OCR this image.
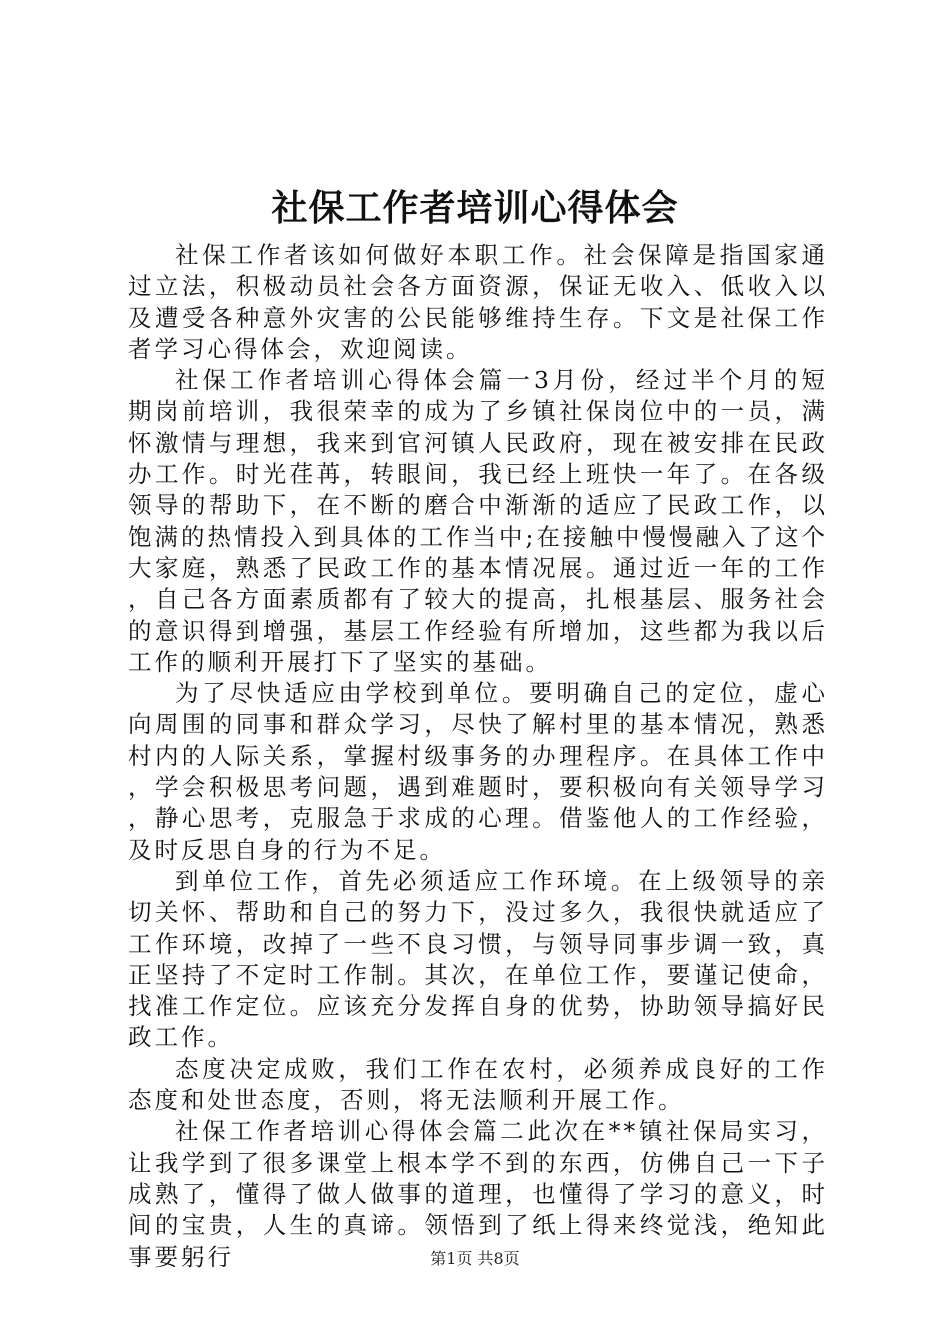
社保工作者培训心得体会

社保工作者该如何做好本职工作。社会保障是指国家通过立法，积极动员社会各方面资源，保证无收入、低收入以及遭受各种意外灾害的公民能够维持生存。下文是社保工作者学习心得体会，欢迎阅读。

社保工作者培训心得体会篇一3月份，经过半个月的短期岗前培训，我很荣幸的成为了乡镇社保岗位中的一员，满怀激情与理想，我来到官河镇人民政府，现在被安排在民政办工作。时光荏苒，转眼间，我已经上班快一年了。在各级领导的帮助下，在不断的磨合中渐渐的适应了民政工作，以饱满的热情投入到具体的工作当中;在接触中慢慢融入了这个大家庭，熟悉了民政工作的基本情况展。通过近一年的工作，自己各方面素质都有了较大的提高，扎根基层、服务社会的意识得到增强，基层工作经验有所增加，这些都为我以后工作的顺利开展打下了坚实的基础。

为了尽快适应由学校到单位。要明确自己的定位，虚心向周围的同事和群众学习，尽快了解村里的基本情况，熟悉村内的人际关系，掌握村级事务的办理程序。在具体工作中，学会积极思考问题，遇到难题时，要积极向有关领导学习，静心思考，克服急于求成的心理。借鉴他人的工作经验，及时反思自身的行为不足。

到单位工作，首先必须适应工作环境。在上级领导的亲切关怀、帮助和自己的努力下，没过多久，我很快就适应了工作环境，改掉了一些不良习惯，与领导同事步调一致，真正坚持了不定时工作制。其次，在单位工作，要谨记使命，找准工作定位。应该充分发挥自身的优势，协助领导搞好民政工作。

态度决定成败，我们工作在农村，必须养成良好的工作态度和处世态度，否则，将无法顺利开展工作。

社保工作者培训心得体会篇二此次在**镇社保局实习，让我学到了很多课堂上根本学不到的东西，仿佛自己一下子成熟了，懂得了做人做事的道理，也懂得了学习的意义，时间的宝贵，人生的真谛。领悟到了纸上得来终觉浅，绝知此事要躬行	第1页 共8页
